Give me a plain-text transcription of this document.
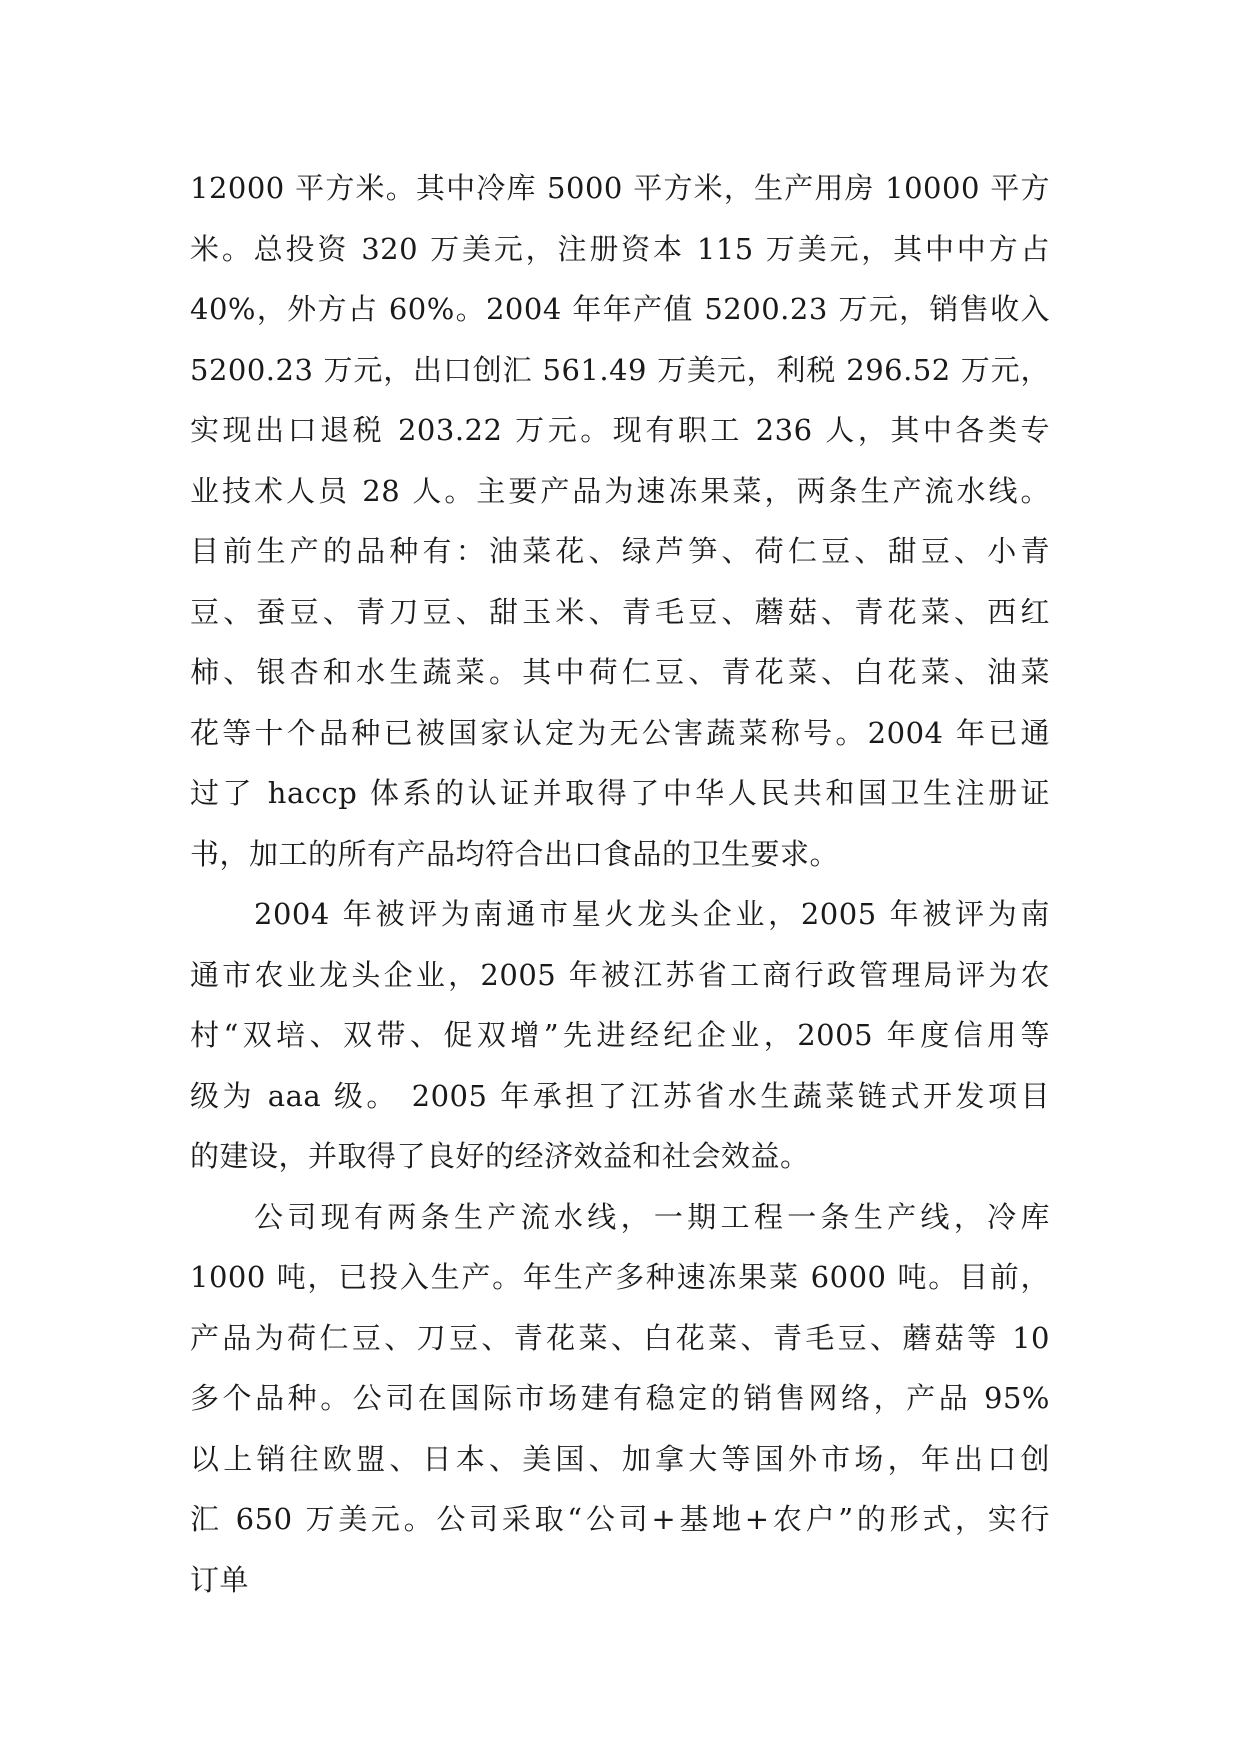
12000 平方米。其中冷库 5000 平方米，生产用房 10000 平方
米。总投资 320 万美元，注册资本 115 万美元，其中中方占
40%，外方占 60%。2004 年年产值 5200.23 万元，销售收入
5200.23 万元，出口创汇 561.49 万美元，利税 296.52 万元，
实现出口退税 203.22 万元。现有职工 236 人，其中各类专
业技术人员 28 人。主要产品为速冻果菜，两条生产流水线。
目前生产的品种有：油菜花、绿芦笋、荷仁豆、甜豆、小青
豆、蚕豆、青刀豆、甜玉米、青毛豆、蘑菇、青花菜、西红
柿、银杏和水生蔬菜。其中荷仁豆、青花菜、白花菜、油菜
花等十个品种已被国家认定为无公害蔬菜称号。2004 年已通
过了 haccp 体系的认证并取得了中华人民共和国卫生注册证
书，加工的所有产品均符合出口食品的卫生要求。
2004 年被评为南通市星火龙头企业，2005 年被评为南
通市农业龙头企业，2005 年被江苏省工商行政管理局评为农
村“双培、双带、促双增”先进经纪企业，2005 年度信用等
级为 aaa 级。 2005 年承担了江苏省水生蔬菜链式开发项目
的建设，并取得了良好的经济效益和社会效益。
公司现有两条生产流水线，一期工程一条生产线，冷库
1000 吨，已投入生产。年生产多种速冻果菜 6000 吨。目前，
产品为荷仁豆、刀豆、青花菜、白花菜、青毛豆、蘑菇等 10
多个品种。公司在国际市场建有稳定的销售网络，产品 95%
以上销往欧盟、日本、美国、加拿大等国外市场，年出口创
汇 650 万美元。公司采取“公司+基地+农户”的形式，实行
订单
